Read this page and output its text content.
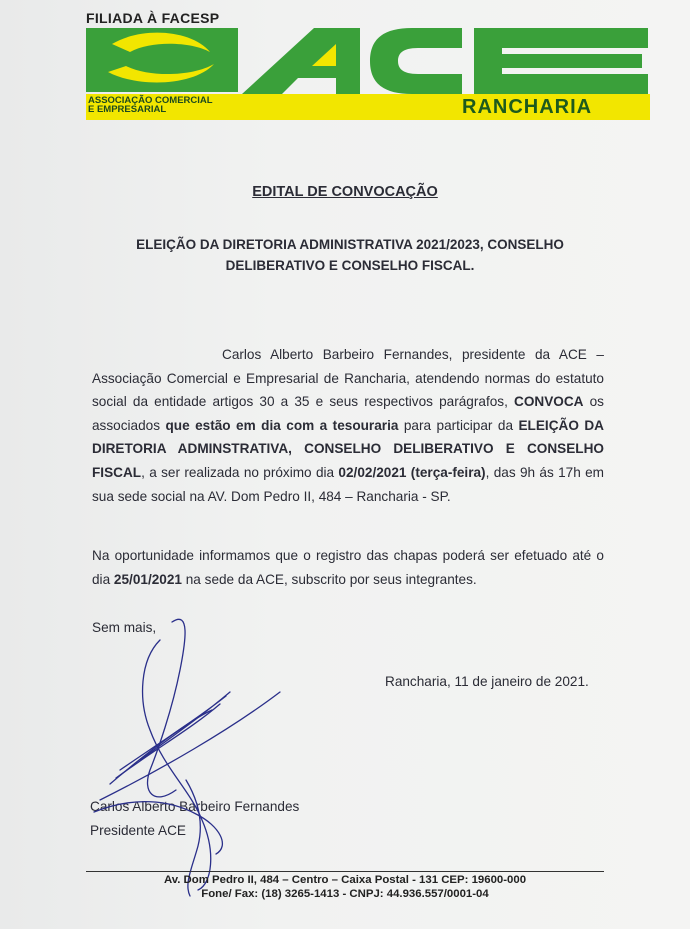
FILIADA À FACESP
ASSOCIAÇÃO COMERCIAL
E EMPRESARIAL	RANCHARIA
EDITAL DE CONVOCAÇÃO
ELEIÇÃO DA DIRETORIA ADMINISTRATIVA 2021/2023, CONSELHO
DELIBERATIVO E CONSELHO FISCAL.
Carlos Alberto Barbeiro Fernandes, presidente da ACE – Associação Comercial e Empresarial de Rancharia, atendendo normas do estatuto social da entidade artigos 30 a 35 e seus respectivos parágrafos, CONVOCA os associados que estão em dia com a tesouraria para participar da ELEIÇÃO DA DIRETORIA ADMINSTRATIVA, CONSELHO DELIBERATIVO E CONSELHO FISCAL, a ser realizada no próximo dia 02/02/2021 (terça-feira), das 9h ás 17h em sua sede social na AV. Dom Pedro II, 484 – Rancharia - SP.
Na oportunidade informamos que o registro das chapas poderá ser efetuado até o dia 25/01/2021 na sede da ACE, subscrito por seus integrantes.
Sem mais,
Rancharia, 11 de janeiro de 2021.
Carlos Alberto Barbeiro Fernandes
Presidente ACE
Av. Dom Pedro II, 484 – Centro – Caixa Postal - 131 CEP: 19600-000
Fone/ Fax: (18) 3265-1413 - CNPJ: 44.936.557/0001-04
